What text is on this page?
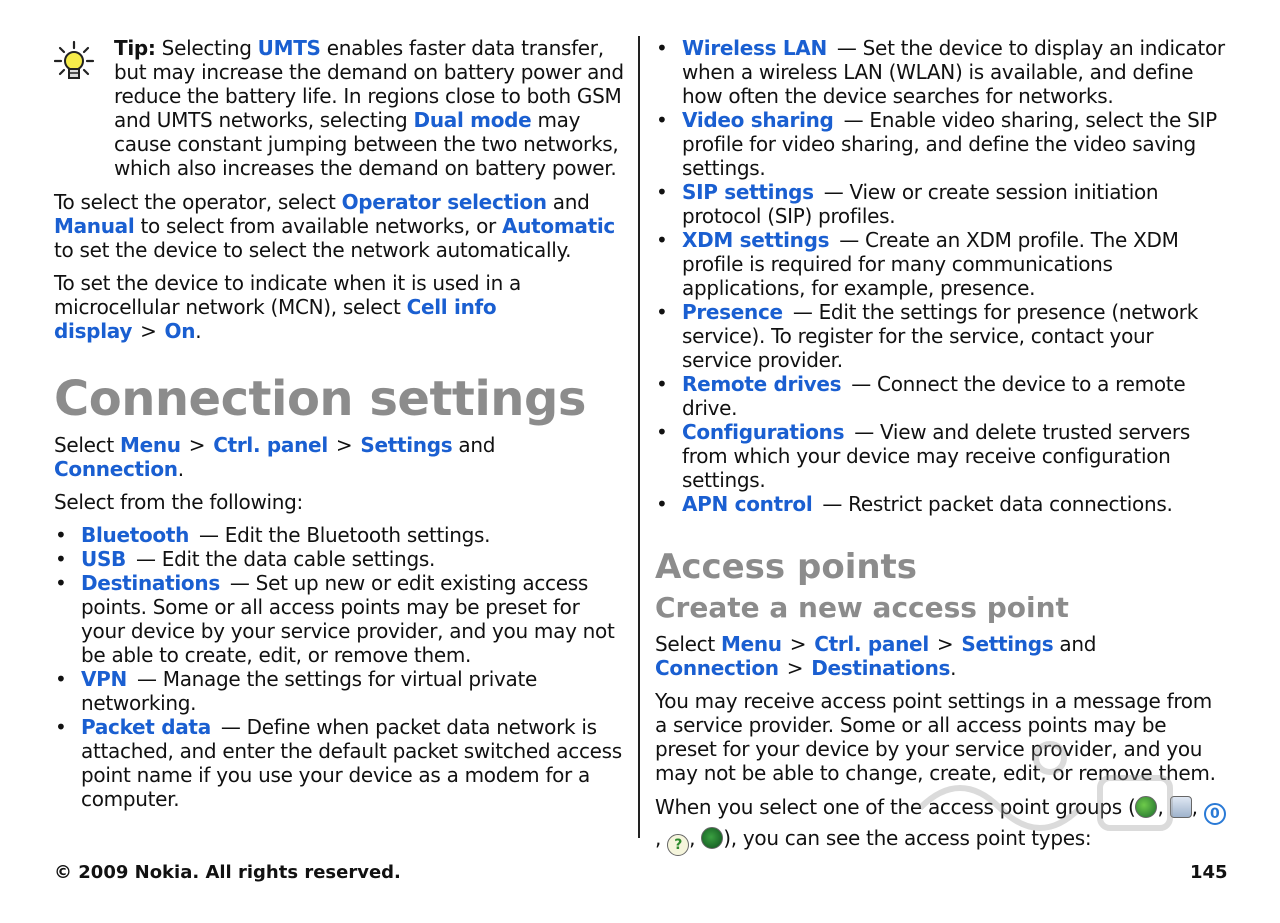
Tip: Selecting UMTS enables faster data transfer, but may increase the demand on battery power and reduce the battery life. In regions close to both GSM and UMTS networks, selecting Dual mode may cause constant jumping between the two networks, which also increases the demand on battery power.

To select the operator, select Operator selection and Manual to select from available networks, or Automatic to set the device to select the network automatically.

To set the device to indicate when it is used in a microcellular network (MCN), select Cell info display > On.

Connection settings

Select Menu > Ctrl. panel > Settings and Connection.

Select from the following:

• Bluetooth — Edit the Bluetooth settings.
• USB — Edit the data cable settings.
• Destinations — Set up new or edit existing access points. Some or all access points may be preset for your device by your service provider, and you may not be able to create, edit, or remove them.
• VPN — Manage the settings for virtual private networking.
• Packet data — Define when packet data network is attached, and enter the default packet switched access point name if you use your device as a modem for a computer.
• Wireless LAN — Set the device to display an indicator when a wireless LAN (WLAN) is available, and define how often the device searches for networks.
• Video sharing — Enable video sharing, select the SIP profile for video sharing, and define the video saving settings.
• SIP settings — View or create session initiation protocol (SIP) profiles.
• XDM settings — Create an XDM profile. The XDM profile is required for many communications applications, for example, presence.
• Presence — Edit the settings for presence (network service). To register for the service, contact your service provider.
• Remote drives — Connect the device to a remote drive.
• Configurations — View and delete trusted servers from which your device may receive configuration settings.
• APN control — Restrict packet data connections.
Access points
Create a new access point

Select Menu > Ctrl. panel > Settings and Connection > Destinations.

You may receive access point settings in a message from a service provider. Some or all access points may be preset for your device by your service provider, and you may not be able to change, create, edit, or remove them.

When you select one of the access point groups ( , , 0, ? , ), you can see the access point types:

© 2009 Nokia. All rights reserved.	145
